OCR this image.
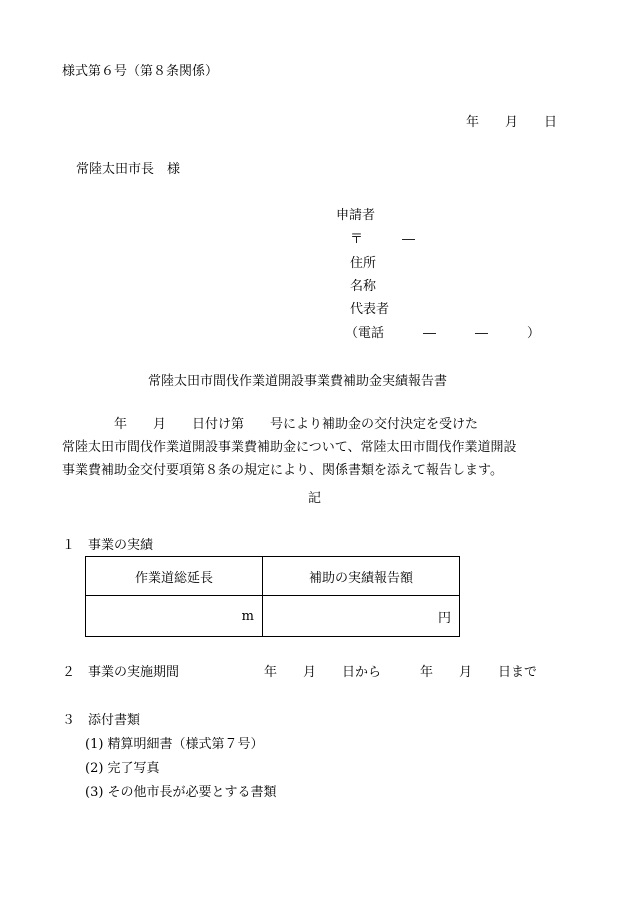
様式第６号（第８条関係）
年　　月　　日
常陸太田市長　様
申請者
〒　　　―
住所
名称
代表者
（電話　　　―　　　―　　　）
常陸太田市間伐作業道開設事業費補助金実績報告書
　　　　年　　月　　日付け第　　号により補助金の交付決定を受けた
常陸太田市間伐作業道開設事業費補助金について、常陸太田市間伐作業道開設
事業費補助金交付要項第８条の規定により、関係書類を添えて報告します。
記
１　事業の実績
作業道総延長	補助の実績報告額
m	円
２　事業の実施期間	年　　月　　日から　　　年　　月　　日まで
３　添付書類
(1) 精算明細書（様式第７号）
(2) 完了写真
(3) その他市長が必要とする書類
